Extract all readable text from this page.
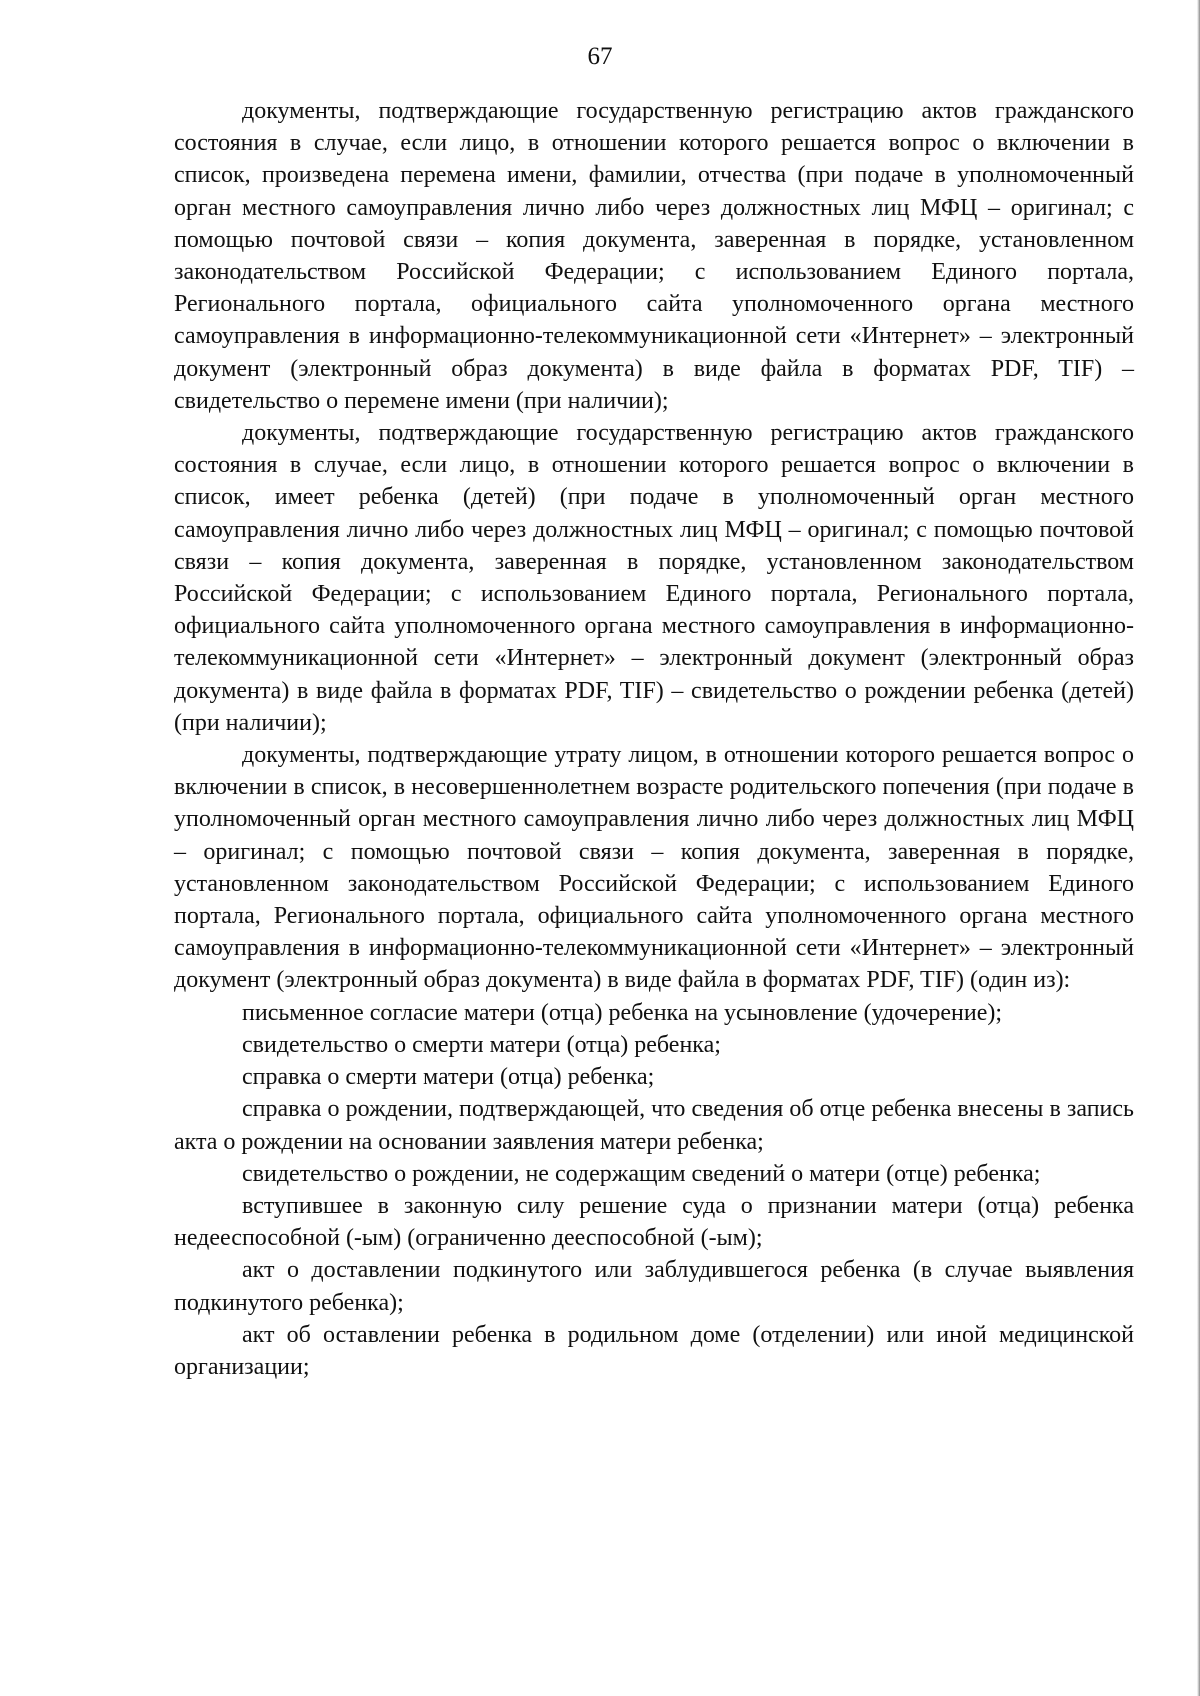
67

документы, подтверждающие государственную регистрацию актов гражданского состояния в случае, если лицо, в отношении которого решается вопрос о включении в список, произведена перемена имени, фамилии, отчества (при подаче в уполномоченный орган местного самоуправления лично либо через должностных лиц МФЦ – оригинал; с помощью почтовой связи – копия документа, заверенная в порядке, установленном законодательством Российской Федерации; с использованием Единого портала, Регионального портала, официального сайта уполномоченного органа местного самоуправления в информационно-телекоммуникационной сети «Интернет» – электронный документ (электронный образ документа) в виде файла в форматах PDF, TIF) – свидетельство о перемене имени (при наличии);

документы, подтверждающие государственную регистрацию актов гражданского состояния в случае, если лицо, в отношении которого решается вопрос о включении в список, имеет ребенка (детей) (при подаче в уполномоченный орган местного самоуправления лично либо через должностных лиц МФЦ – оригинал; с помощью почтовой связи – копия документа, заверенная в порядке, установленном законодательством Российской Федерации; с использованием Единого портала, Регионального портала, официального сайта уполномоченного органа местного самоуправления в информационно-телекоммуникационной сети «Интернет» – электронный документ (электронный образ документа) в виде файла в форматах PDF, TIF) – свидетельство о рождении ребенка (детей) (при наличии);

документы, подтверждающие утрату лицом, в отношении которого решается вопрос о включении в список, в несовершеннолетнем возрасте родительского попечения (при подаче в уполномоченный орган местного самоуправления лично либо через должностных лиц МФЦ – оригинал; с помощью почтовой связи – копия документа, заверенная в порядке, установленном законодательством Российской Федерации; с использованием Единого портала, Регионального портала, официального сайта уполномоченного органа местного самоуправления в информационно-телекоммуникационной сети «Интернет» – электронный документ (электронный образ документа) в виде файла в форматах PDF, TIF) (один из):

письменное согласие матери (отца) ребенка на усыновление (удочерение);

свидетельство о смерти матери (отца) ребенка;

справка о смерти матери (отца) ребенка;

справка о рождении, подтверждающей, что сведения об отце ребенка внесены в запись акта о рождении на основании заявления матери ребенка;

свидетельство о рождении, не содержащим сведений о матери (отце) ребенка;

вступившее в законную силу решение суда о признании матери (отца) ребенка недееспособной (-ым) (ограниченно дееспособной (-ым);

акт о доставлении подкинутого или заблудившегося ребенка (в случае выявления подкинутого ребенка);

акт об оставлении ребенка в родильном доме (отделении) или иной медицинской организации;
